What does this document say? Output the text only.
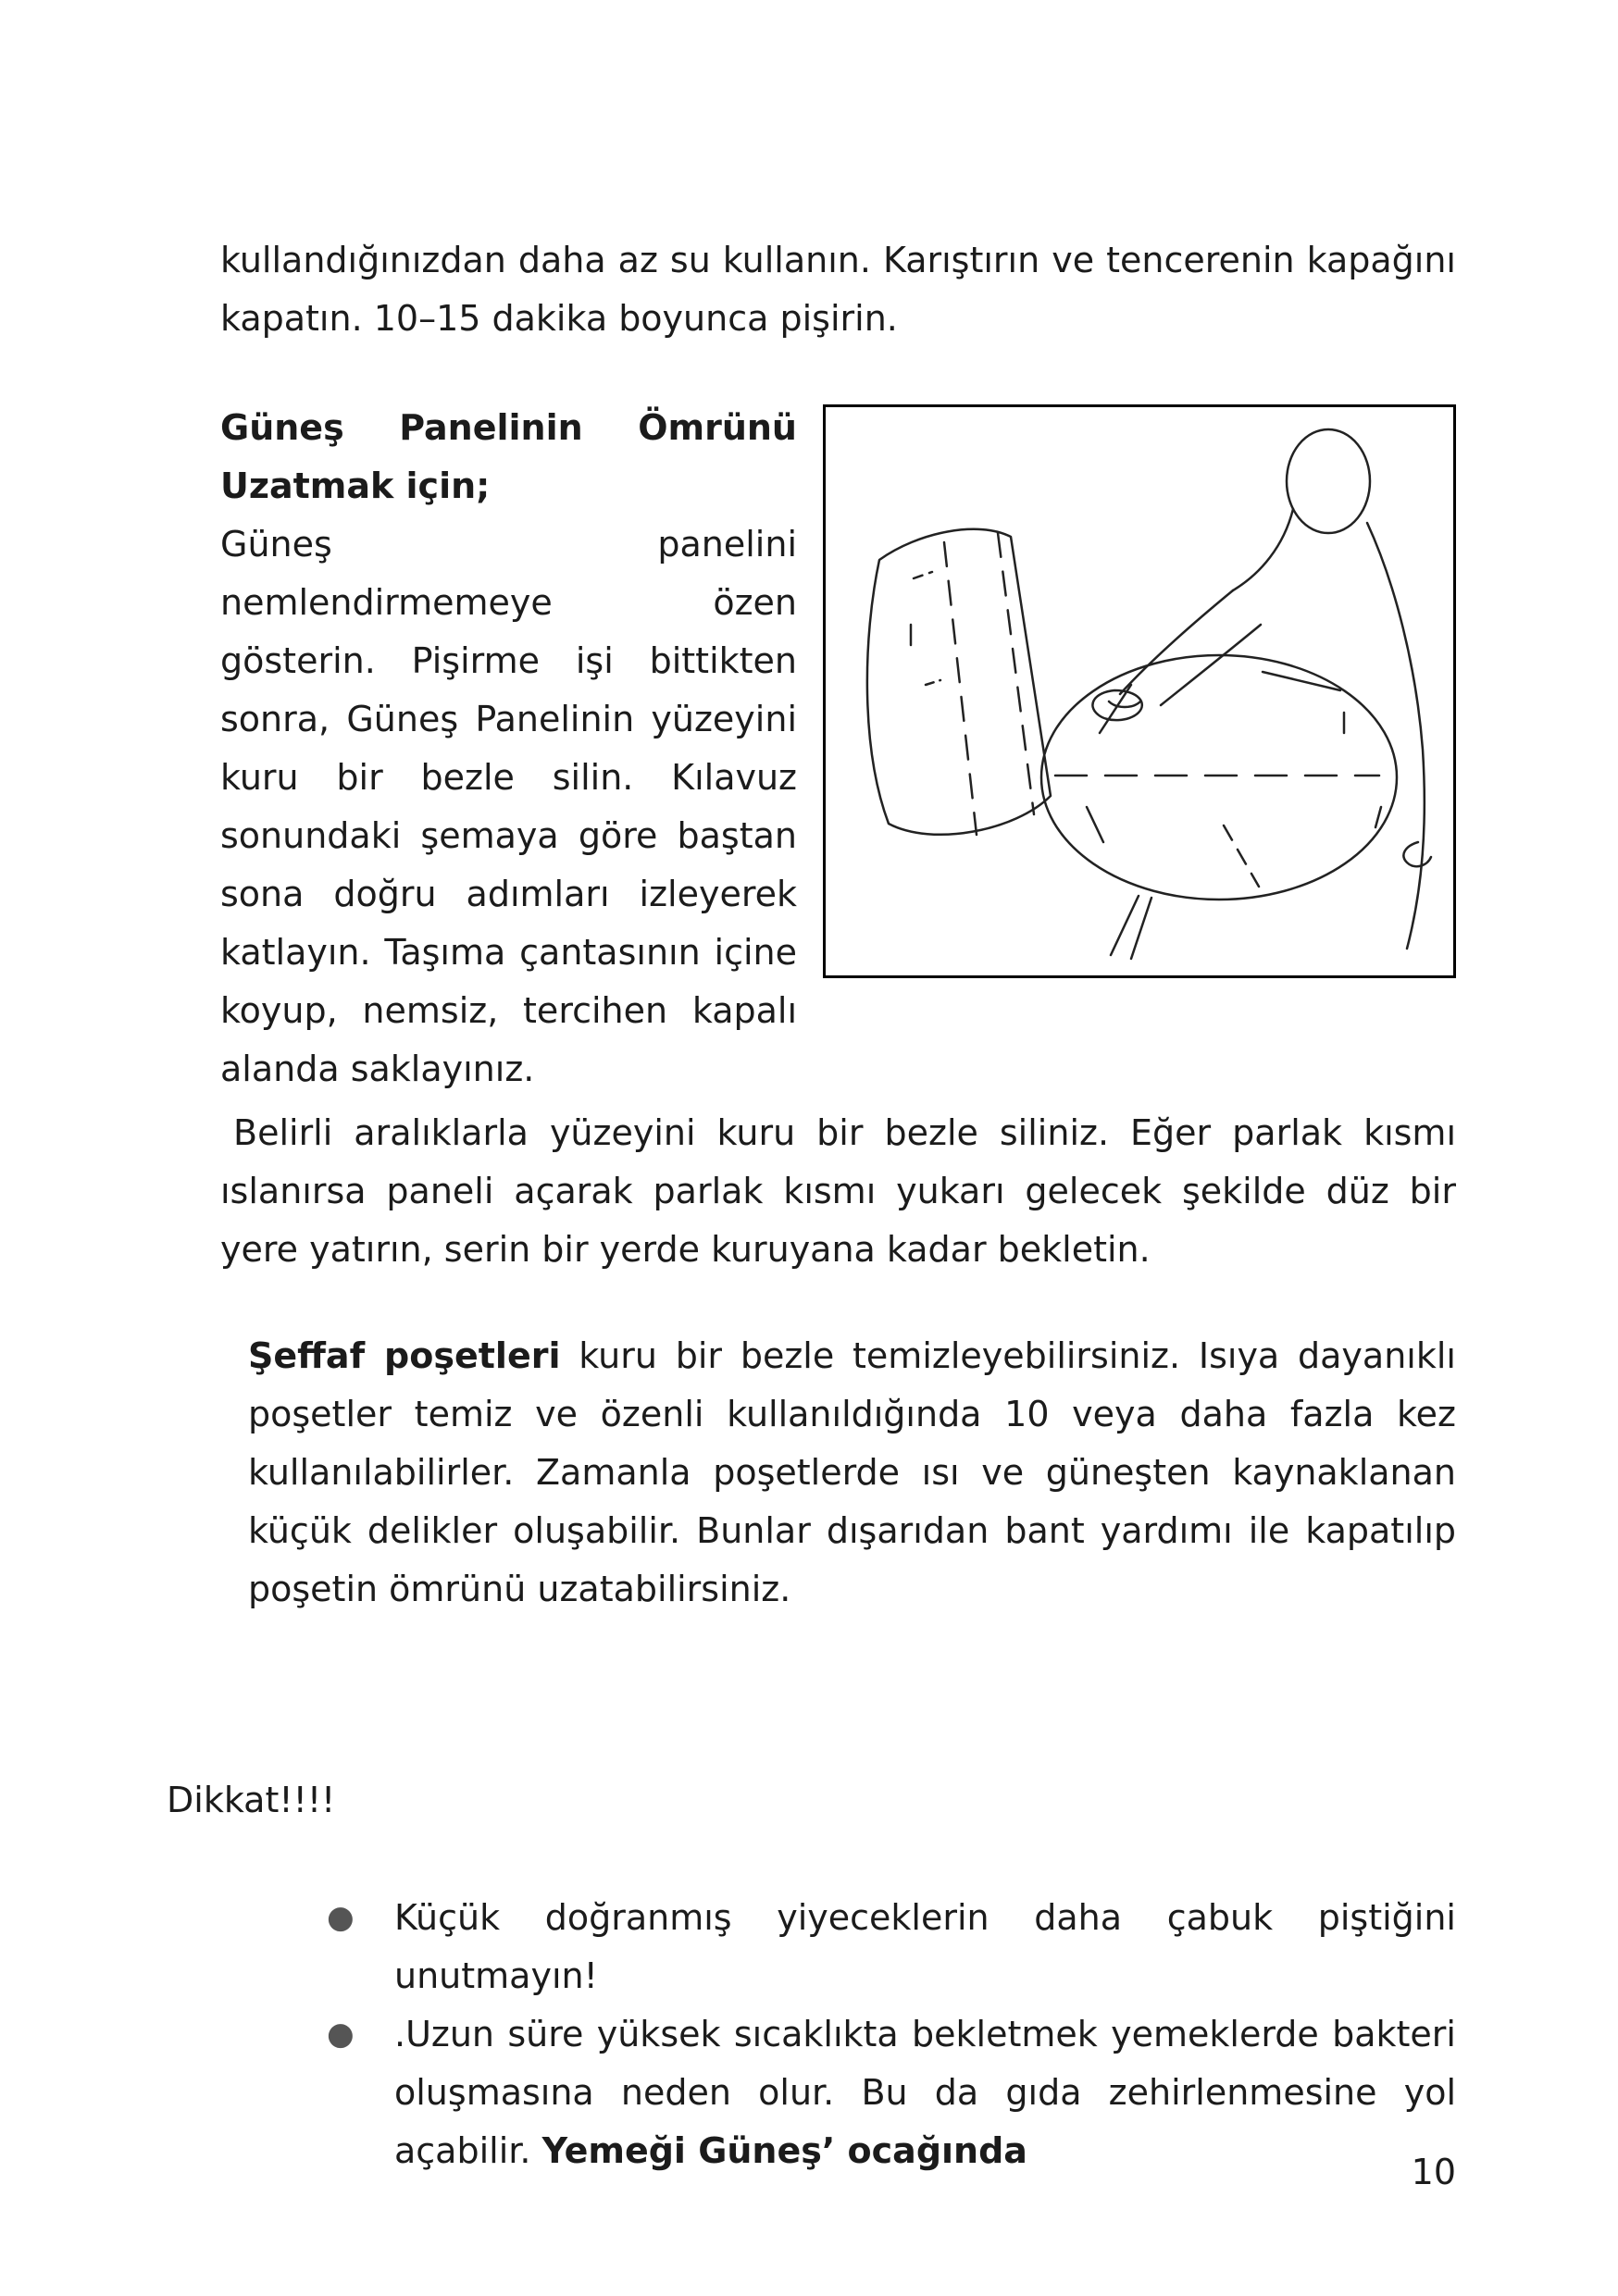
kullandığınızdan daha az su kullanın. Karıştırın ve tencerenin kapağını kapatın. 10–15 dakika boyunca pişirin.

Güneş Panelinin Ömrünü Uzatmak için;

Güneş panelini nemlendirmemeye özen gösterin. Pişirme işi bittikten sonra, Güneş Panelinin yüzeyini kuru bir bezle silin. Kılavuz sonundaki şemaya göre baştan sona doğru adımları izleyerek katlayın. Taşıma çantasının içine koyup, nemsiz, tercihen kapalı alanda saklayınız.

Belirli aralıklarla yüzeyini kuru bir bezle siliniz. Eğer parlak kısmı ıslanırsa paneli açarak parlak kısmı yukarı gelecek şekilde düz bir yere yatırın, serin bir yerde kuruyana kadar bekletin.

Şeffaf poşetleri kuru bir bezle temizleyebilirsiniz. Isıya dayanıklı poşetler temiz ve özenli kullanıldığında 10 veya daha fazla kez kullanılabilirler. Zamanla poşetlerde ısı ve güneşten kaynaklanan küçük delikler oluşabilir. Bunlar dışarıdan bant yardımı ile kapatılıp poşetin ömrünü uzatabilirsiniz.

Dikkat!!!!

●	Küçük doğranmış yiyeceklerin daha çabuk piştiğini unutmayın!
●	.Uzun süre yüksek sıcaklıkta bekletmek yemeklerde bakteri oluşmasına neden olur. Bu da gıda zehirlenmesine yol açabilir. Yemeği Güneş’ ocağında
10
